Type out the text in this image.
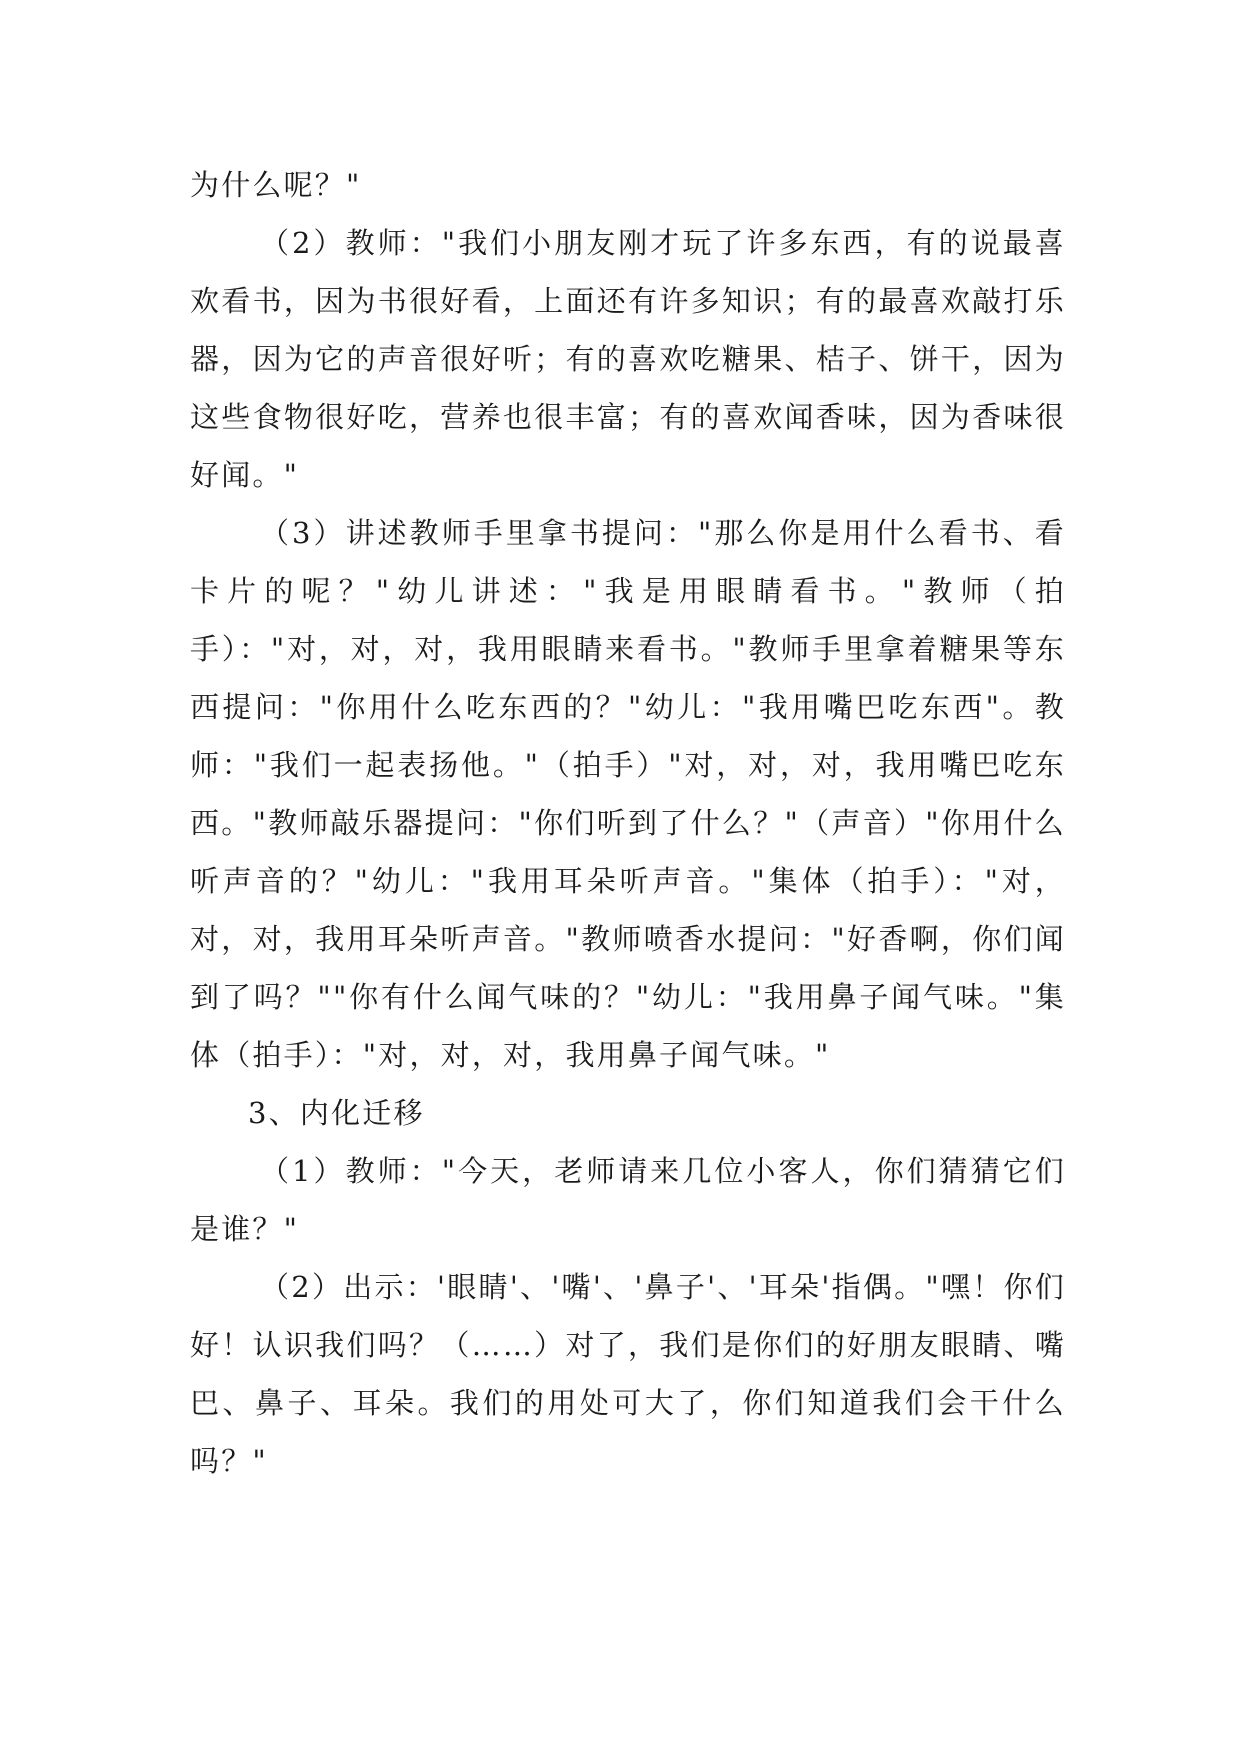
为什么呢？"

（2）教师："我们小朋友刚才玩了许多东西，有的说最喜欢看书，因为书很好看，上面还有许多知识；有的最喜欢敲打乐器，因为它的声音很好听；有的喜欢吃糖果、桔子、饼干，因为这些食物很好吃，营养也很丰富；有的喜欢闻香味，因为香味很好闻。"

（3）讲述教师手里拿书提问："那么你是用什么看书、看卡片的呢？"幼儿讲述："我是用眼睛看书。"教师（拍手）："对，对，对，我用眼睛来看书。"教师手里拿着糖果等东西提问："你用什么吃东西的？"幼儿："我用嘴巴吃东西"。教师："我们一起表扬他。"（拍手）"对，对，对，我用嘴巴吃东西。"教师敲乐器提问："你们听到了什么？"（声音）"你用什么听声音的？"幼儿："我用耳朵听声音。"集体（拍手）："对，对，对，我用耳朵听声音。"教师喷香水提问："好香啊，你们闻到了吗？""你有什么闻气味的？"幼儿："我用鼻子闻气味。"集体（拍手）："对，对，对，我用鼻子闻气味。"

3、内化迁移

（1）教师："今天，老师请来几位小客人，你们猜猜它们是谁？"

（2）出示：'眼睛'、'嘴'、'鼻子'、'耳朵'指偶。"嘿！你们好！认识我们吗？（……）对了，我们是你们的好朋友眼睛、嘴巴、鼻子、耳朵。我们的用处可大了，你们知道我们会干什么吗？"
